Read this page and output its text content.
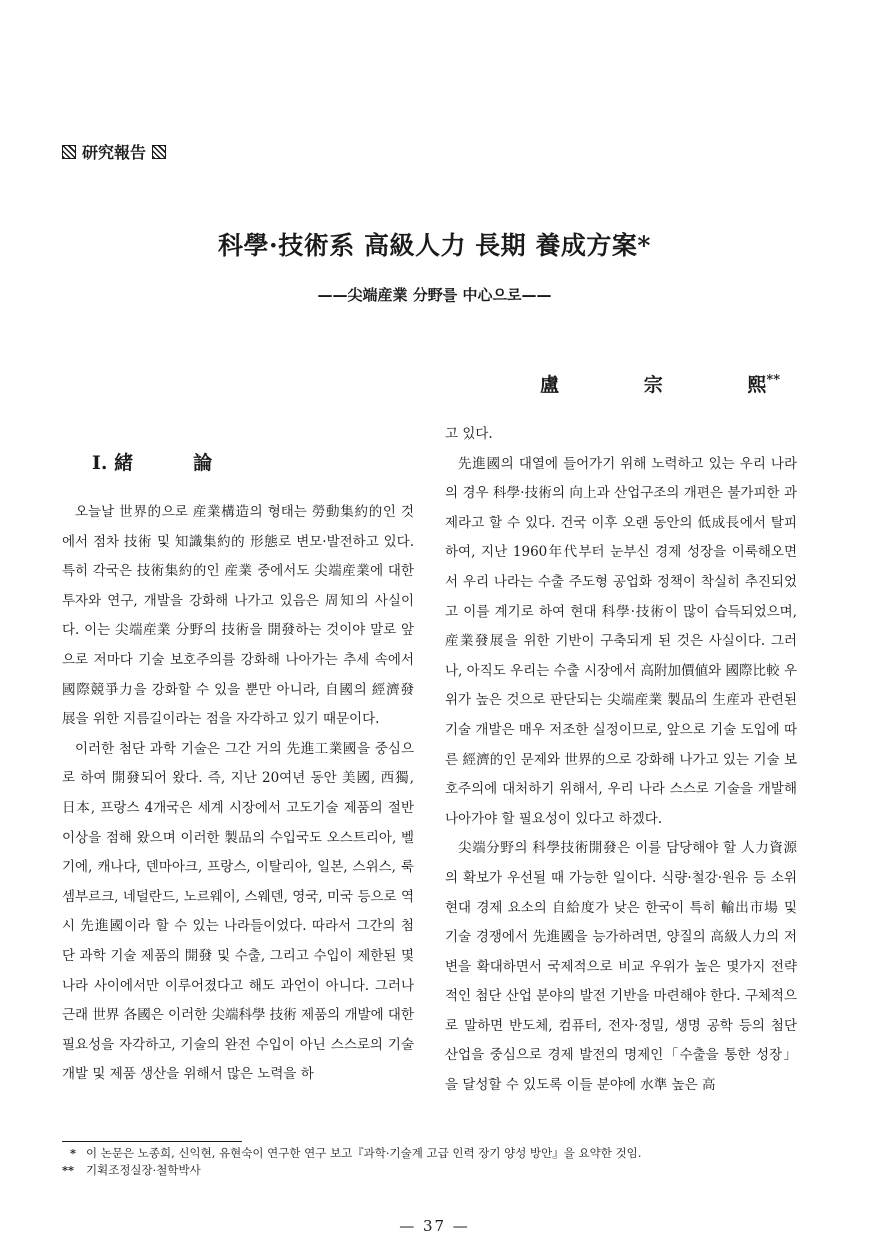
研究報告
科學·技術系 高級人力 長期 養成方案*
——尖端産業 分野를 中心으로——
盧	宗	熙**
I. 緒	論

오늘날 世界的으로 産業構造의 형태는 勞動集約的인 것에서 점차 技術 및 知識集約的 形態로 변모·발전하고 있다. 특히 각국은 技術集約的인 産業 중에서도 尖端産業에 대한 투자와 연구, 개발을 강화해 나가고 있음은 周知의 사실이다. 이는 尖端産業 分野의 技術을 開發하는 것이야 말로 앞으로 저마다 기술 보호주의를 강화해 나아가는 추세 속에서 國際競爭力을 강화할 수 있을 뿐만 아니라, 自國의 經濟發展을 위한 지름길이라는 점을 자각하고 있기 때문이다.

이러한 첨단 과학 기술은 그간 거의 先進工業國을 중심으로 하여 開發되어 왔다. 즉, 지난 20여년 동안 美國, 西獨, 日本, 프랑스 4개국은 세계 시장에서 고도기술 제품의 절반 이상을 점해 왔으며 이러한 製品의 수입국도 오스트리아, 벨기에, 캐나다, 덴마아크, 프랑스, 이탈리아, 일본, 스위스, 룩셈부르크, 네덜란드, 노르웨이, 스웨덴, 영국, 미국 등으로 역시 先進國이라 할 수 있는 나라들이었다. 따라서 그간의 첨단 과학 기술 제품의 開發 및 수출, 그리고 수입이 제한된 몇 나라 사이에서만 이루어졌다고 해도 과언이 아니다. 그러나 근래 世界 各國은 이러한 尖端科學 技術 제품의 개발에 대한 필요성을 자각하고, 기술의 완전 수입이 아닌 스스로의 기술개발 및 제품 생산을 위해서 많은 노력을 하

고 있다.

先進國의 대열에 들어가기 위해 노력하고 있는 우리 나라의 경우 科學·技術의 向上과 산업구조의 개편은 불가피한 과제라고 할 수 있다. 건국 이후 오랜 동안의 低成長에서 탈피하여, 지난 1960年代부터 눈부신 경제 성장을 이룩해오면서 우리 나라는 수출 주도형 공업화 정책이 착실히 추진되었고 이를 계기로 하여 현대 科學·技術이 많이 습득되었으며, 産業發展을 위한 기반이 구축되게 된 것은 사실이다. 그러나, 아직도 우리는 수출 시장에서 高附加價値와 國際比較 우위가 높은 것으로 판단되는 尖端産業 製品의 生産과 관련된 기술 개발은 매우 저조한 실정이므로, 앞으로 기술 도입에 따른 經濟的인 문제와 世界的으로 강화해 나가고 있는 기술 보호주의에 대처하기 위해서, 우리 나라 스스로 기술을 개발해 나아가야 할 필요성이 있다고 하겠다.

尖端分野의 科學技術開發은 이를 담당해야 할 人力資源의 확보가 우선될 때 가능한 일이다. 식량·철강·원유 등 소위 현대 경제 요소의 自給度가 낮은 한국이 특히 輸出市場 및 기술 경쟁에서 先進國을 능가하려면, 양질의 高級人力의 저변을 확대하면서 국제적으로 비교 우위가 높은 몇가지 전략적인 첨단 산업 분야의 발전 기반을 마련해야 한다. 구체적으로 말하면 반도체, 컴퓨터, 전자·정밀, 생명 공학 등의 첨단 산업을 중심으로 경제 발전의 명제인「수출을 통한 성장」을 달성할 수 있도록 이들 분야에 水準 높은 高

* 이 논문은 노종희, 신익현, 유현숙이 연구한 연구 보고『과학·기술계 고급 인력 장기 양성 방안』을 요약한 것임.
** 기획조정실장·철학박사
— 37 —
